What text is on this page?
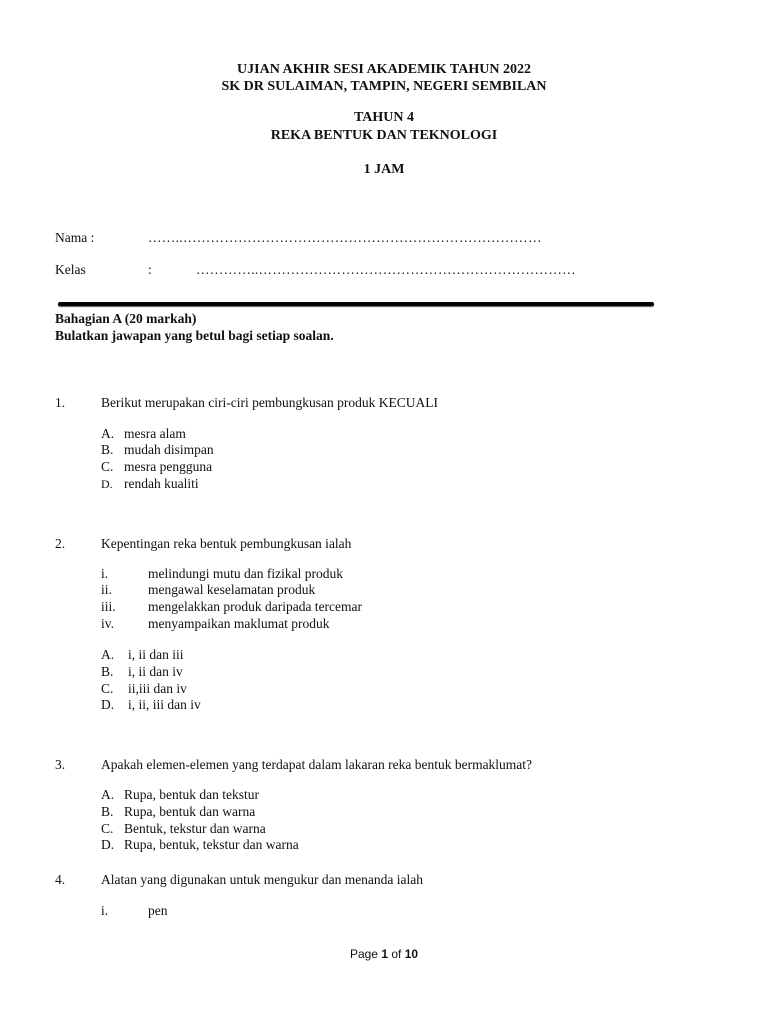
UJIAN AKHIR SESI AKADEMIK TAHUN 2022
SK DR SULAIMAN, TAMPIN, NEGERI SEMBILAN
TAHUN 4
REKA BENTUK DAN TEKNOLOGI
1 JAM
Nama :	……..……………………………………………………………………
Kelas	:	…………..……………………………………………………………
Bahagian A (20 markah)
Bulatkan jawapan yang betul bagi setiap soalan.
1.	Berikut merupakan ciri-ciri pembungkusan produk KECUALI
A. mesra alam
B. mudah disimpan
C. mesra pengguna
D. rendah kualiti
2.	Kepentingan reka bentuk pembungkusan ialah
i.	melindungi mutu dan fizikal produk
ii.	mengawal keselamatan produk
iii. mengelakkan produk daripada tercemar
iv.	menyampaikan maklumat produk
A. i, ii dan iii
B. i, ii dan iv
C. ii,iii dan iv
D. i, ii, iii dan iv
3.	Apakah elemen-elemen yang terdapat dalam lakaran reka bentuk bermaklumat?
A. Rupa, bentuk dan tekstur
B. Rupa, bentuk dan warna
C. Bentuk, tekstur dan warna
D. Rupa, bentuk, tekstur dan warna
4.	Alatan yang digunakan untuk mengukur dan menanda ialah
i.	pen
Page 1 of 10
